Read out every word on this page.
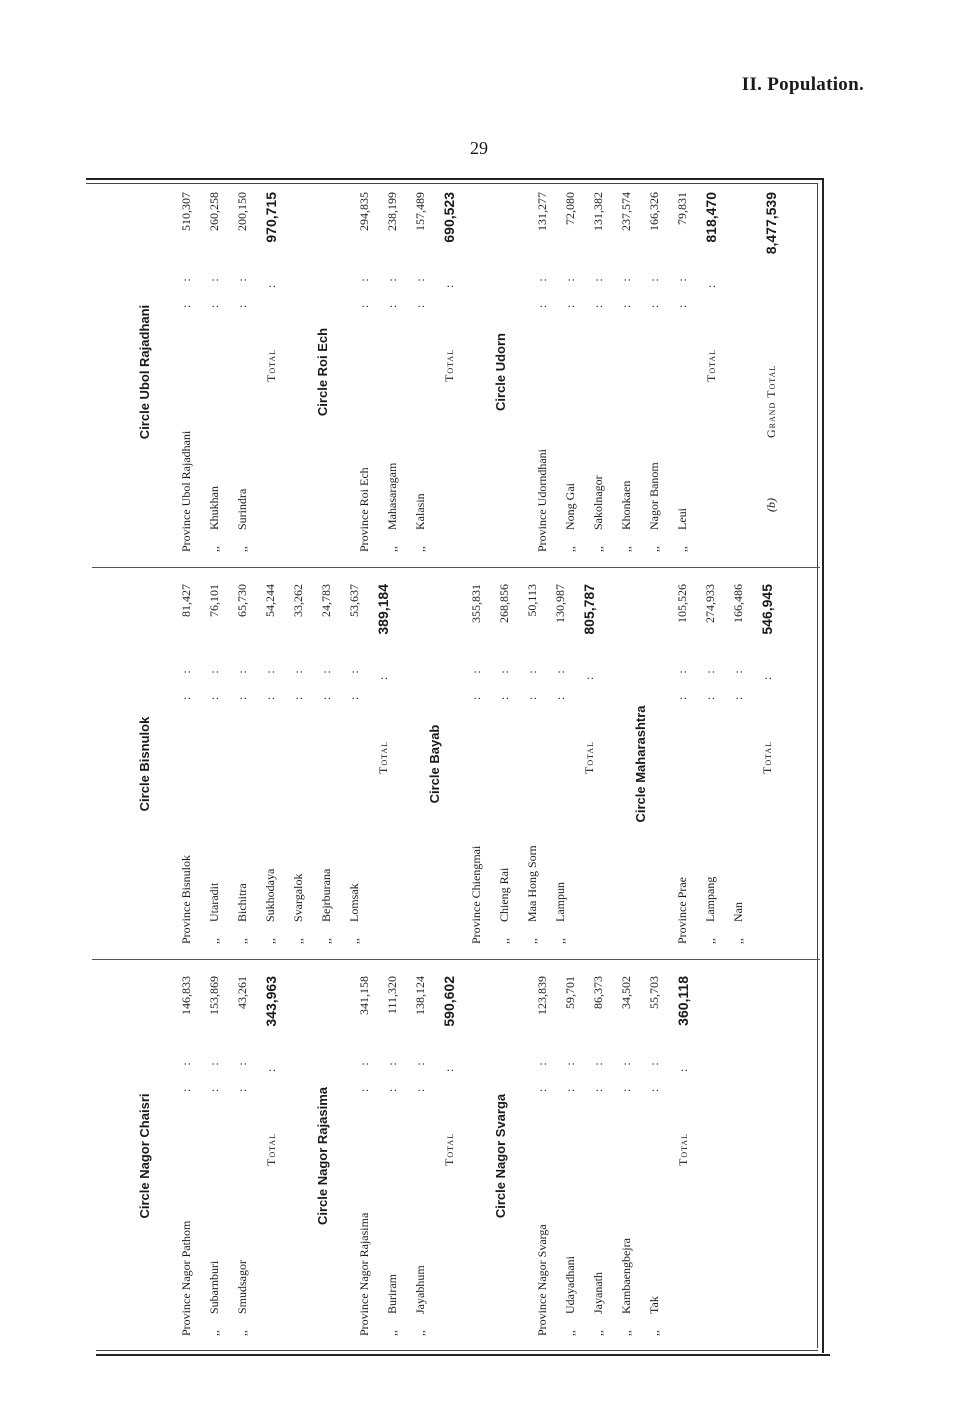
II. Population.
29
Circle Nagor Chaisri
Province Nagor Pathom
: :
146,833
,,
Subarnburi
: :
153,869
,,
Smudsagor
: :
43,261
Total
:
343,963
Circle Nagor Rajasima
Province Nagor Rajasima
: :
341,158
,,
Buriram
: :
111,320
,,
Jayabhum
: :
138,124
Total
:
590,602
Circle Nagor Svarga
Province Nagor Svarga
: :
123,839
,,
Udayadhani
: :
59,701
,,
Jayanath
: :
86,373
,,
Kambaengbejra
: :
34,502
,,
Tak
: :
55,703
Total
:
360,118
Circle Bisnulok
Province Bisnulok
: :
81,427
,,
Utaradit
: :
76,101
,,
Bichitra
: :
65,730
,,
Sukhodaya
: :
54,244
,,
Svargalok
: :
33,262
,,
Bejrburana
: :
24,783
,,
Lomsak
: :
53,637
Total
:
389,184
Circle Bayab
Province Chiengmai
: :
355,831
,,
Chieng Rai
: :
268,856
,,
Maa Hong Sorn
: :
50,113
,,
Lampun
: :
130,987
Total
:
805,787
Circle Maharashtra
Province Prae
: :
105,526
,,
Lampang
: :
274,933
,,
Nan
: :
166,486
Total
:
546,945
Circle Ubol Rajadhani
Province Ubol Rajadhani
: :
510,307
,,
Khukhan
: :
260,258
,,
Surindra
: :
200,150
Total
:
970,715
Circle Roi Ech
Province Roi Ech
: :
294,835
,,
Mahasaragam
: :
238,199
,,
Kalasin
: :
157,489
Total
:
690,523
Circle Udorn
Province Udorndhani
: :
131,277
,,
Nong Gai
: :
72,080
,,
Sakolnagor
: :
131,382
,,
Khonkaen
: :
237,574
,,
Nagor Banom
: :
166,326
,,
Leui
: :
79,831
Total
:
818,470
(b)
Grand Total
8,477,539
